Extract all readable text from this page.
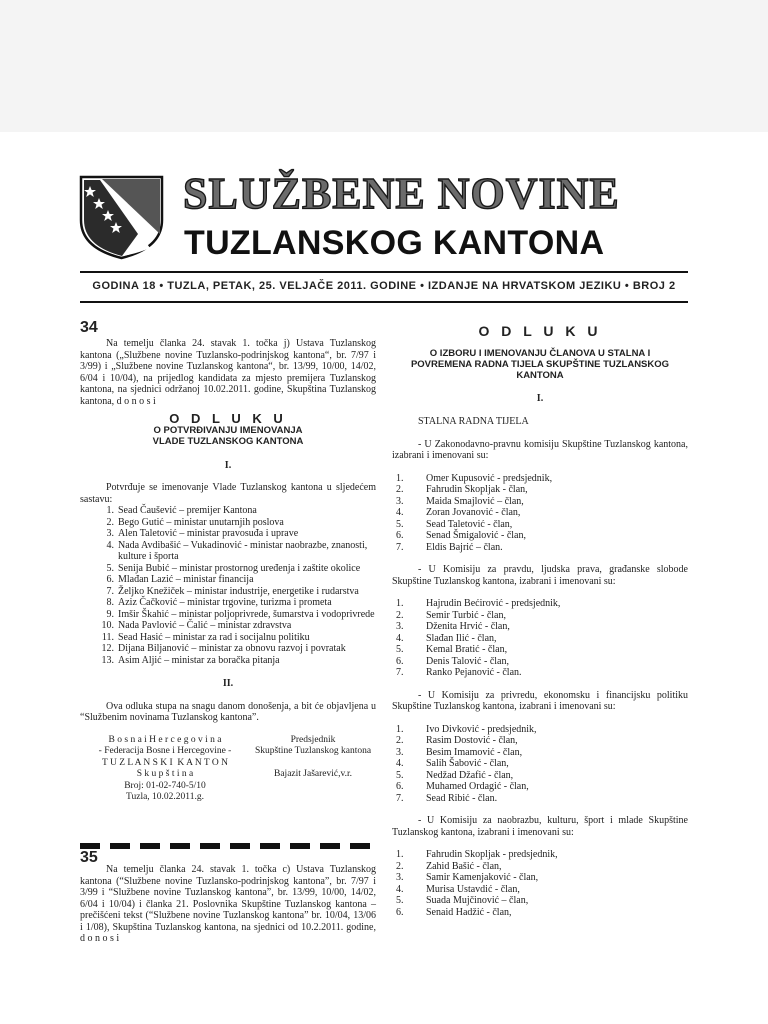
SLUŽBENE NOVINE
TUZLANSKOG KANTONA
GODINA 18 • TUZLA, PETAK, 25. VELJAČE 2011. GODINE • IZDANJE NA HRVATSKOM JEZIKU • BROJ 2
34
Na temelju članka 24. stavak 1. točka j) Ustava Tuzlanskog kantona („Službene novine Tuzlansko-podrinjskog kantona“, br. 7/97 i 3/99) i „Službene novine Tuzlanskog kantona“, br. 13/99, 10/00, 14/02, 6/04 i 10/04), na prijedlog kandidata za mjesto premijera Tuzlanskog kantona, na sjednici održanoj 10.02.2011. godine, Skupština Tuzlanskog kantona, d o n o s i
O D L U K U
O POTVRĐIVANJU IMENOVANJA VLADE TUZLANSKOG KANTONA
I.
Potvrđuje se imenovanje Vlade Tuzlanskog kantona u sljedećem sastavu:
1. Sead Čaušević – premijer Kantona
2. Bego Gutić – ministar unutarnjih poslova
3. Alen Taletović – ministar pravosuđa i uprave
4. Nada Avdibašić – Vukadinović - ministar naobrazbe, znanosti, kulture i športa
5. Senija Bubić – ministar prostornog uređenja i zaštite okolice
6. Mlađan Lazić – ministar financija
7. Željko Knežiček – ministar industrije, energetike i rudarstva
8. Aziz Čačković – ministar trgovine, turizma i prometa
9. Imšir Škahić – ministar poljoprivrede, šumarstva i vodoprivrede
10. Nada Pavlović – Čalić – ministar zdravstva
11. Sead Hasić – ministar za rad i socijalnu politiku
12. Dijana Biljanović – ministar za obnovu razvoj i povratak
13. Asim Aljić – ministar za boračka pitanja
II.
Ova odluka stupa na snagu danom donošenja, a bit će objavljena u “Službenim novinama Tuzlanskog kantona”.
B o s n a i H e r c e g o v i n a
- Federacija Bosne i Hercegovine -
T U Z L A N S K I  K A N T O N
S k u p š t i n a
Broj: 01-02-740-5/10
Tuzla, 10.02.2011.g.
Predsjednik
Skupštine Tuzlanskog kantona
Bajazit Jašarević,v.r.
35
Na temelju članka 24. stavak 1. točka c) Ustava Tuzlanskog kantona (“Službene novine Tuzlansko-podrinjskog kantona”, br. 7/97 i 3/99 i “Službene novine Tuzlanskog kantona”, br. 13/99, 10/00, 14/02, 6/04 i 10/04) i članka 21. Poslovnika Skupštine Tuzlanskog kantona – prečišćeni tekst (“Službene novine Tuzlanskog kantona” br. 10/04, 13/06 i 1/08), Skupština Tuzlanskog kantona, na sjednici od 10.2.2011. godine, d o n o s i
O D L U K U
O IZBORU I IMENOVANJU ČLANOVA U STALNA I POVREMENA RADNA TIJELA SKUPŠTINE TUZLANSKOG KANTONA
I.
STALNA RADNA TIJELA
- U Zakonodavno-pravnu komisiju Skupštine Tuzlanskog kantona, izabrani i imenovani su:
1.	Omer Kupusović - predsjednik,
2.	Fahrudin Skopljak - član,
3.	Maida Smajlović – član,
4.	Zoran Jovanović - član,
5.	Sead Taletović - član,
6.	Senad Šmigalović - član,
7.	Eldis Bajrić – član.
- U Komisiju za pravdu, ljudska prava, građanske slobode Skupštine Tuzlanskog kantona, izabrani i imenovani su:
1.	Hajrudin Bećirović - predsjednik,
2.	Semir Turbić - član,
3.	Dženita Hrvić - član,
4.	Slađan Ilić - član,
5.	Kemal Bratić - član,
6.	Denis Talović - član,
7.	Ranko Pejanović - član.
- U Komisiju za privredu, ekonomsku i financijsku politiku Skupštine Tuzlanskog kantona, izabrani i imenovani su:
1.	Ivo Divković - predsjednik,
2.	Rasim Dostović - član,
3.	Besim Imamović - član,
4.	Salih Šabović - član,
5.	Nedžad Džafić - član,
6.	Muhamed Ordagić - član,
7.	Sead Ribić - član.
- U Komisiju za naobrazbu, kulturu, šport i mlade Skupštine Tuzlanskog kantona, izabrani i imenovani su:
1.	Fahrudin Skopljak - predsjednik,
2.	Zahid Bašić - član,
3.	Samir Kamenjaković - član,
4.	Murisa Ustavdić - član,
5.	Suada Mujčinović – član,
6.	Senaid Hadžić - član,
